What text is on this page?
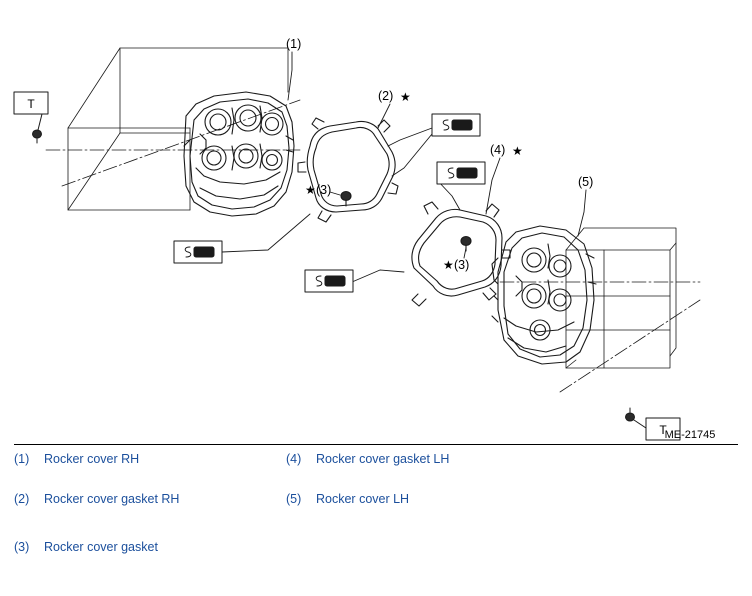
T
T
(1)
(2) ★
★ (3)
(4) ★
★ (3)
(5)
ME-21745
(1)	Rocker cover RH	(4)	Rocker cover gasket LH
(2)	Rocker cover gasket RH	(5)	Rocker cover LH
(3)	Rocker cover gasket
